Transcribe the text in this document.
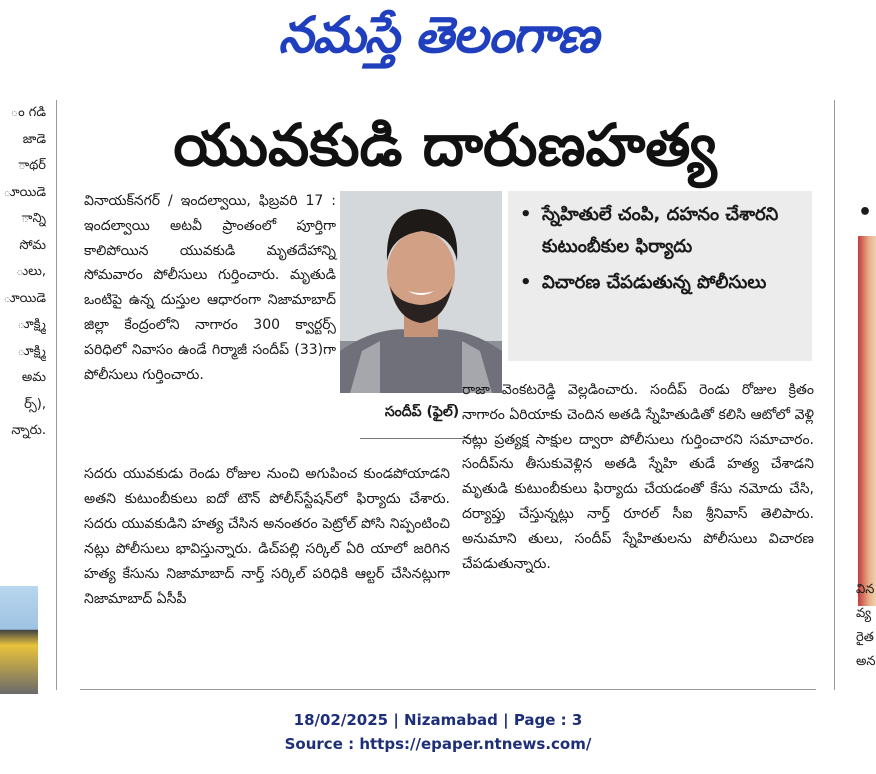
నమస్తే తెలంగాణ

ం గడి

జాడె

ాథర్

ూయిడె

ాన్ని

సోమ

ులు,

ూయిడె

ూక్ష్మి

ూక్ష్మి

అమ

ర్స్),

న్నారు.

యువకుడి దారుణహత్య

వినాయక్‌నగర్ / ఇందల్వాయి, ఫిబ్రవరి 17 : ఇందల్వాయి అటవీ ప్రాంతంలో పూర్తిగా కాలిపోయిన యువకుడి మృతదేహాన్ని సోమవారం పోలీసులు గుర్తించారు. మృతుడి ఒంటిపై ఉన్న దుస్తుల ఆధారంగా నిజామాబాద్ జిల్లా కేంద్రంలోని నాగారం 300 క్వార్టర్స్ పరిధిలో నివాసం ఉండే గిర్మాజీ సందీప్ (33)గా పోలీసులు గుర్తించారు.

సందీప్ (ఫైల్)
• స్నేహితులే చంపి, దహనం చేశారని కుటుంబీకుల ఫిర్యాదు
• విచారణ చేపడుతున్న పోలీసులు

సదరు యువకుడు రెండు రోజుల నుంచి అగుపించ కుండపోయాడని అతని కుటుంబీకులు ఐదో టౌన్ పోలీస్‌స్టేషన్‌లో ఫిర్యాదు చేశారు. సదరు యువకుడిని హత్య చేసిన అనంతరం పెట్రోల్ పోసి నిప్పంటించి నట్లు పోలీసులు భావిస్తున్నారు. డిచ్‌పల్లి సర్కిల్ ఏరి యాలో జరిగిన హత్య కేసును నిజామాబాద్ నార్త్ సర్కిల్ పరిధికి ఆల్టర్ చేసినట్లుగా నిజామాబాద్ ఏసీపీ

రాజా వెంకటరెడ్డి వెల్లడించారు. సందీప్ రెండు రోజుల క్రితం నాగారం ఏరియాకు చెందిన అతడి స్నేహితుడితో కలిసి ఆటోలో వెళ్లి నట్లు ప్రత్యక్ష సాక్షుల ద్వారా పోలీసులు గుర్తించారని సమాచారం. సందీప్‌ను తీసుకువెళ్లిన అతడి స్నేహి తుడే హత్య చేశాడని మృతుడి కుటుంబీకులు ఫిర్యాదు చేయడంతో కేసు నమోదు చేసి, దర్యాప్తు చేస్తున్నట్లు నార్త్ రూరల్ సీఐ శ్రీనివాస్ తెలిపారు. అనుమాని తులు, సందీప్ స్నేహితులను పోలీసులు విచారణ చేపడుతున్నారు.

•
విన
వ్య
రైత
అన
18/02/2025 | Nizamabad | Page : 3
Source : https://epaper.ntnews.com/
